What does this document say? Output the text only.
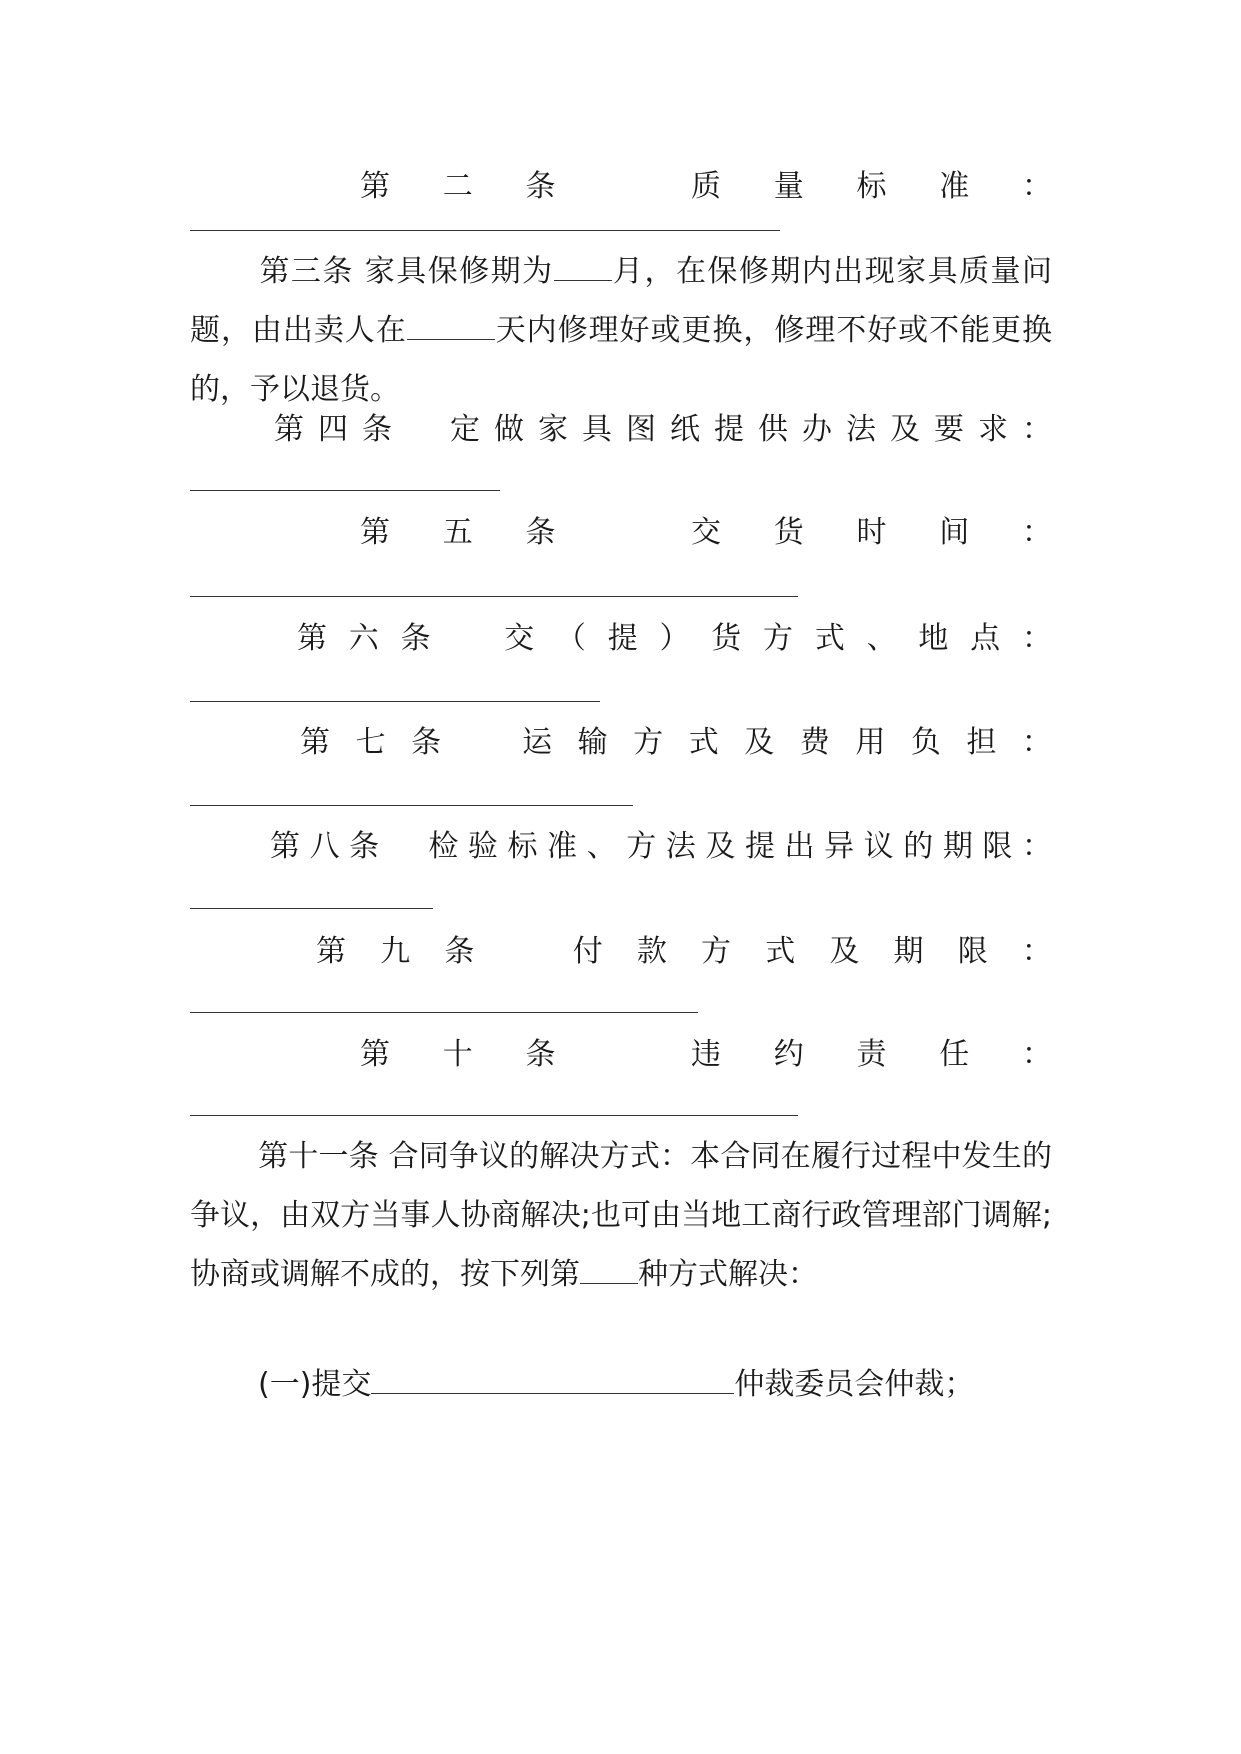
第 二 条	质 量 标 准 ：

第三条 家具保修期为 月，在保修期内出现家具质量问题，由出卖人在	天内修理好或更换，修理不好或不能更换的，予以退货。

第 四 条 定 做 家 具 图 纸 提 供 办 法 及 要 求 ：
第 五 条	交 货 时 间 ：
第 六 条 交 （ 提 ） 货 方 式 、 地 点 ：
第 七 条	运 输 方 式 及 费 用 负 担 ：
第 八 条 检 验 标 准 、 方 法 及 提 出 异 议 的 期 限 ：
第 九 条	付 款 方 式 及 期 限 ：
第 十 条	违 约 责 任 ：

第十一条 合同争议的解决方式：本合同在履行过程中发生的争议，由双方当事人协商解决;也可由当地工商行政管理部门调解;协商或调解不成的，按下列第 种方式解决：

(一)提交	仲裁委员会仲裁；
